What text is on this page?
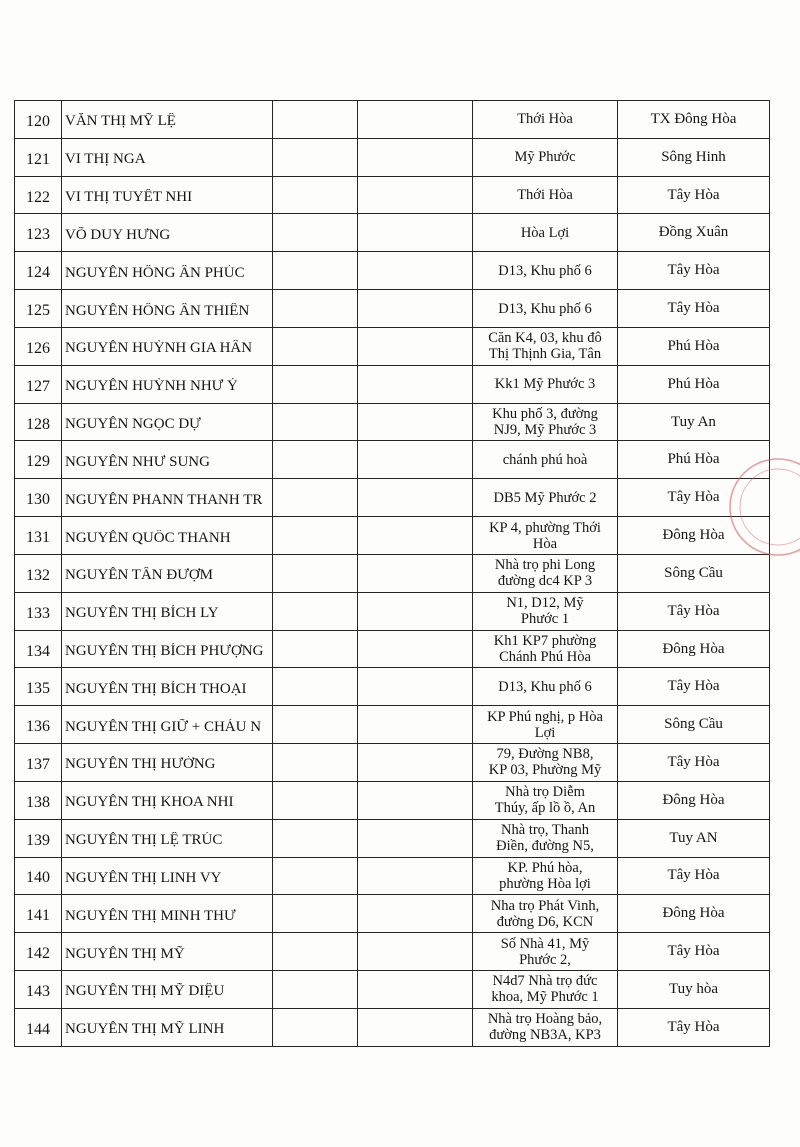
120	VĂN THỊ MỸ LỆ			Thới Hòa	TX Đông Hòa
121	VI THỊ NGA			Mỹ Phước	Sông Hinh
122	VI THỊ TUYẾT NHI			Thới Hòa	Tây Hòa
123	VÕ DUY HƯNG			Hòa Lợi	Đồng Xuân
124	NGUYỄN HỒNG ÂN PHÚC			D13, Khu phố 6	Tây Hòa
125	NGUYỄN HỒNG ÂN THIÊN			D13, Khu phố 6	Tây Hòa
126	NGUYỄN HUỲNH GIA HÂN			Căn K4, 03, khu đô
Thị Thịnh Gia, Tân	Phú Hòa
127	NGUYỄN HUỲNH NHƯ Ý			Kk1 Mỹ Phước 3	Phú Hòa
128	NGUYỄN NGỌC DỰ			Khu phố 3, đường
NJ9, Mỹ Phước 3	Tuy An
129	NGUYỄN NHƯ SUNG			chánh phú hoà	Phú Hòa
130	NGUYỄN PHANN THANH TR			DB5 Mỹ Phước 2	Tây Hòa
131	NGUYỄN QUỐC THANH			KP 4, phường Thới
Hòa	Đông Hòa
132	NGUYỄN TẤN ĐƯỢM			Nhà trọ phi Long
đường dc4 KP 3	Sông Cầu
133	NGUYỄN THỊ BÍCH LY			N1, D12, Mỹ
Phước 1	Tây Hòa
134	NGUYỄN THỊ BÍCH PHƯỢNG			Kh1 KP7 phường
Chánh Phú Hòa	Đông Hòa
135	NGUYỄN THỊ BÍCH THOẠI			D13, Khu phố 6	Tây Hòa
136	NGUYỄN THỊ GIỮ + CHÁU N			KP Phú nghị, p Hòa
Lợi	Sông Cầu
137	NGUYỄN THỊ HƯỜNG			79, Đường NB8,
KP 03, Phường Mỹ	Tây Hòa
138	NGUYỄN THỊ KHOA NHI			Nhà trọ Diễm
Thúy, ấp lồ ồ, An	Đông Hòa
139	NGUYỄN THỊ LỆ TRÚC			Nhà trọ, Thanh
Điền, đường N5,	Tuy AN
140	NGUYỄN THỊ LINH VY			KP. Phú hòa,
phường Hòa lợi	Tây Hòa
141	NGUYỄN THỊ MINH THƯ			Nha trọ Phát Vinh,
đường D6, KCN	Đông Hòa
142	NGUYỄN THỊ MỸ			Số Nhà 41, Mỹ
Phước 2,	Tây Hòa
143	NGUYỄN THỊ MỸ DIỆU			N4d7 Nhà trọ đức
khoa, Mỹ Phước 1	Tuy hòa
144	NGUYỄN THỊ MỸ LINH			Nhà trọ Hoàng bảo,
đường NB3A, KP3	Tây Hòa
